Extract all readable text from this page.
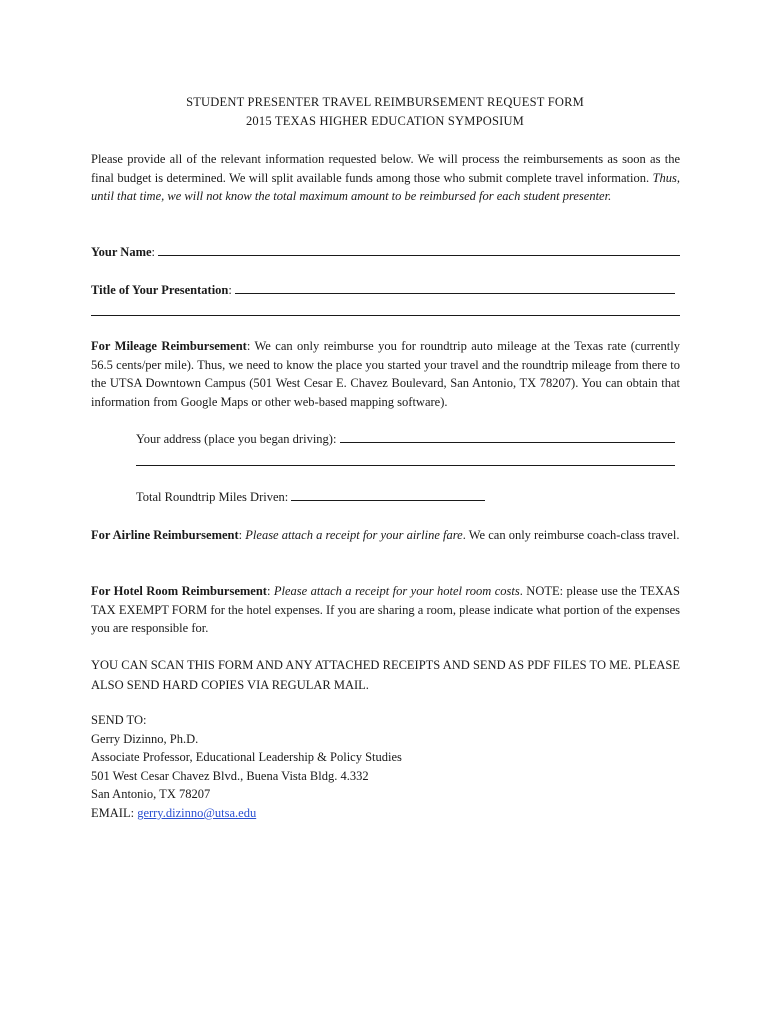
STUDENT PRESENTER TRAVEL REIMBURSEMENT REQUEST FORM
2015 TEXAS HIGHER EDUCATION SYMPOSIUM
Please provide all of the relevant information requested below. We will process the reimbursements as soon as the final budget is determined. We will split available funds among those who submit complete travel information. Thus, until that time, we will not know the total maximum amount to be reimbursed for each student presenter.
Your Name :
Title of Your Presentation :
For Mileage Reimbursement: We can only reimburse you for roundtrip auto mileage at the Texas rate (currently 56.5 cents/per mile). Thus, we need to know the place you started your travel and the roundtrip mileage from there to the UTSA Downtown Campus (501 West Cesar E. Chavez Boulevard, San Antonio, TX 78207). You can obtain that information from Google Maps or other web-based mapping software).
Your address (place you began driving):

Total Roundtrip Miles Driven:

For Airline Reimbursement: Please attach a receipt for your airline fare. We can only reimburse coach-class travel.
For Hotel Room Reimbursement: Please attach a receipt for your hotel room costs. NOTE: please use the TEXAS TAX EXEMPT FORM for the hotel expenses. If you are sharing a room, please indicate what portion of the expenses you are responsible for.
YOU CAN SCAN THIS FORM AND ANY ATTACHED RECEIPTS AND SEND AS PDF FILES TO ME. PLEASE ALSO SEND HARD COPIES VIA REGULAR MAIL.
SEND TO:
Gerry Dizinno, Ph.D.
Associate Professor, Educational Leadership & Policy Studies
501 West Cesar Chavez Blvd., Buena Vista Bldg. 4.332
San Antonio, TX 78207
EMAIL: gerry.dizinno@utsa.edu
